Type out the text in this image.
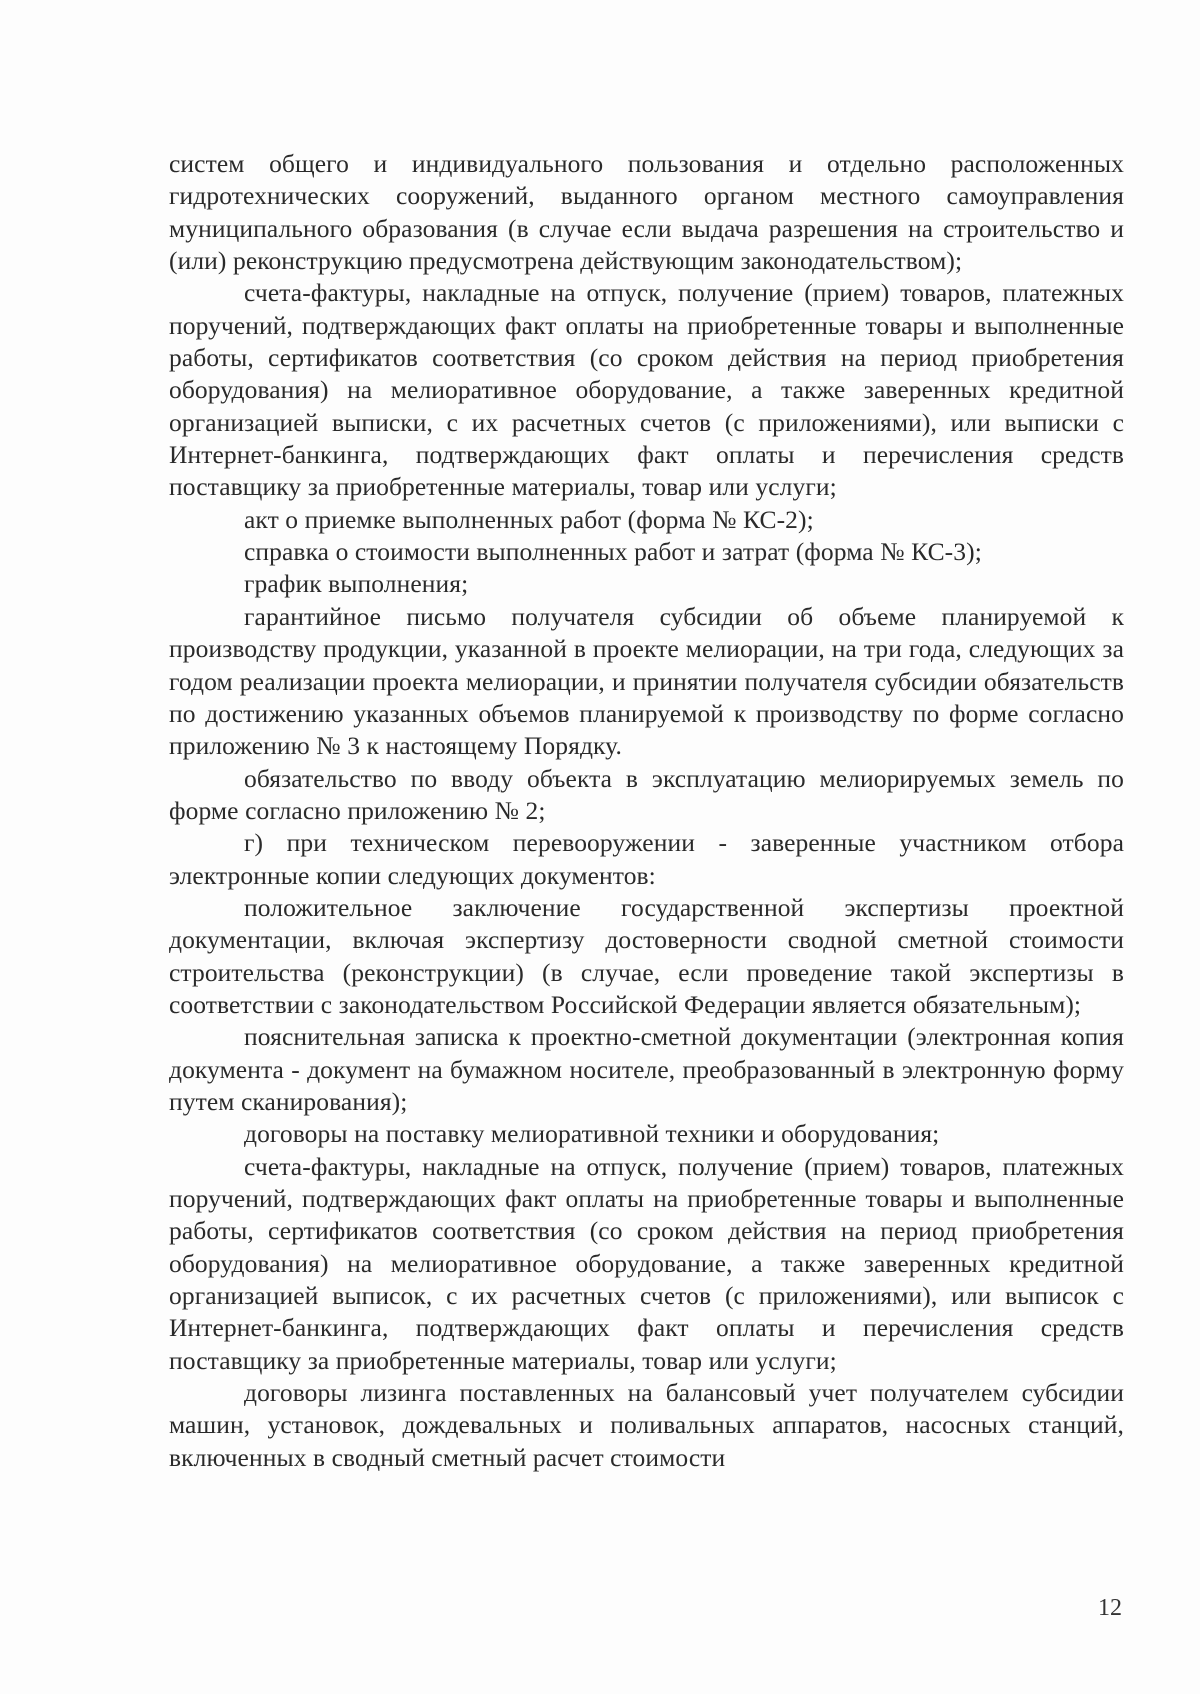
систем общего и индивидуального пользования и отдельно расположенных гидротехнических сооружений, выданного органом местного самоуправления муниципального образования (в случае если выдача разрешения на строительство и (или) реконструкцию предусмотрена действующим законодательством);

счета-фактуры, накладные на отпуск, получение (прием) товаров, платежных поручений, подтверждающих факт оплаты на приобретенные товары и выполненные работы, сертификатов соответствия (со сроком действия на период приобретения оборудования) на мелиоративное оборудование, а также заверенных кредитной организацией выписки, с их расчетных счетов (с приложениями), или выписки с Интернет-банкинга, подтверждающих факт оплаты и перечисления средств поставщику за приобретенные материалы, товар или услуги;

акт о приемке выполненных работ (форма № КС-2);

справка о стоимости выполненных работ и затрат (форма № КС-3);

график выполнения;

гарантийное письмо получателя субсидии об объеме планируемой к производству продукции, указанной в проекте мелиорации, на три года, следующих за годом реализации проекта мелиорации, и принятии получателя субсидии обязательств по достижению указанных объемов планируемой к производству по форме согласно приложению № 3 к настоящему Порядку.

обязательство по вводу объекта в эксплуатацию мелиорируемых земель по форме согласно приложению № 2;

г) при техническом перевооружении - заверенные участником отбора электронные копии следующих документов:

положительное заключение государственной экспертизы проектной документации, включая экспертизу достоверности сводной сметной стоимости строительства (реконструкции) (в случае, если проведение такой экспертизы в соответствии с законодательством Российской Федерации является обязательным);

пояснительная записка к проектно-сметной документации (электронная копия документа - документ на бумажном носителе, преобразованный в электронную форму путем сканирования);

договоры на поставку мелиоративной техники и оборудования;

счета-фактуры, накладные на отпуск, получение (прием) товаров, платежных поручений, подтверждающих факт оплаты на приобретенные товары и выполненные работы, сертификатов соответствия (со сроком действия на период приобретения оборудования) на мелиоративное оборудование, а также заверенных кредитной организацией выписок, с их расчетных счетов (с приложениями), или выписок с Интернет-банкинга, подтверждающих факт оплаты и перечисления средств поставщику за приобретенные материалы, товар или услуги;

договоры лизинга поставленных на балансовый учет получателем субсидии машин, установок, дождевальных и поливальных аппаратов, насосных станций, включенных в сводный сметный расчет стоимости

12
